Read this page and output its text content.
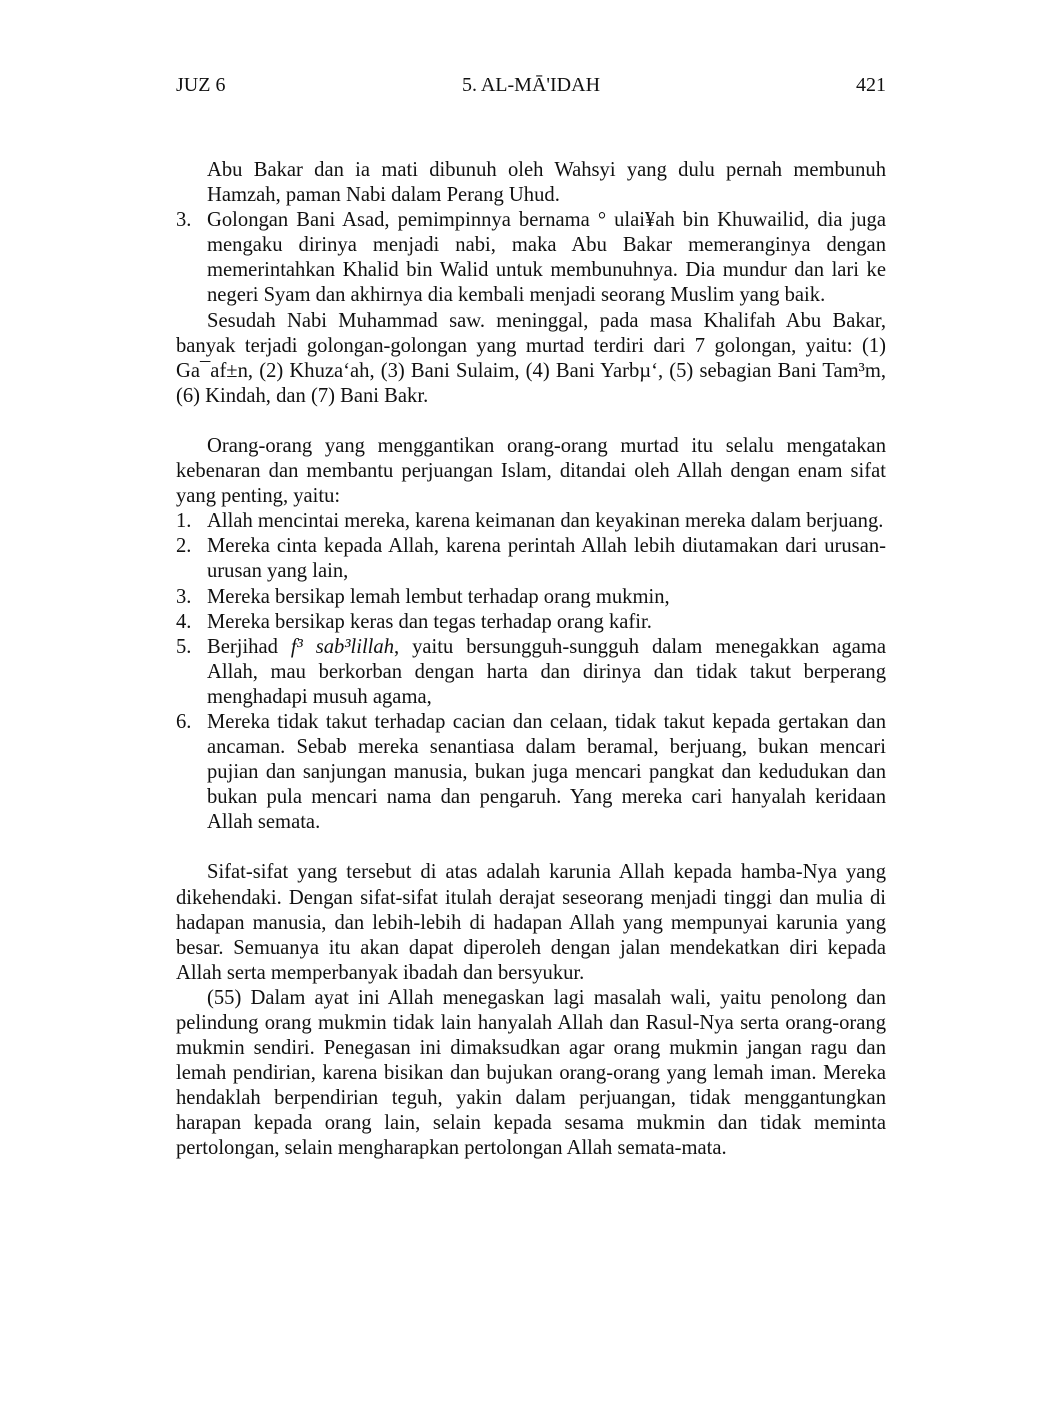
JUZ 6	5. AL-MĀ'IDAH	421

Abu Bakar dan ia mati dibunuh oleh Wahsyi yang dulu pernah membunuh Hamzah, paman Nabi dalam Perang Uhud.

3. Golongan Bani Asad, pemimpinnya bernama ° ulai¥ah bin Khuwailid, dia juga mengaku dirinya menjadi nabi, maka Abu Bakar memeranginya dengan memerintahkan Khalid bin Walid untuk membunuhnya. Dia mundur dan lari ke negeri Syam dan akhirnya dia kembali menjadi seorang Muslim yang baik.

Sesudah Nabi Muhammad saw. meninggal, pada masa Khalifah Abu Bakar, banyak terjadi golongan-golongan yang murtad terdiri dari 7 golongan, yaitu: (1) Ga¯af±n, (2) Khuza‘ah, (3) Bani Sulaim, (4) Bani Yarbµ‘, (5) sebagian Bani Tam³m, (6) Kindah, dan (7) Bani Bakr.

Orang-orang yang menggantikan orang-orang murtad itu selalu mengatakan kebenaran dan membantu perjuangan Islam, ditandai oleh Allah dengan enam sifat yang penting, yaitu:

1. Allah mencintai mereka, karena keimanan dan keyakinan mereka dalam berjuang.
2. Mereka cinta kepada Allah, karena perintah Allah lebih diutamakan dari urusan-urusan yang lain,
3. Mereka bersikap lemah lembut terhadap orang mukmin,
4. Mereka bersikap keras dan tegas terhadap orang kafir.
5. Berjihad f³ sab³lillah, yaitu bersungguh-sungguh dalam menegakkan agama Allah, mau berkorban dengan harta dan dirinya dan tidak takut berperang menghadapi musuh agama,
6. Mereka tidak takut terhadap cacian dan celaan, tidak takut kepada gertakan dan ancaman. Sebab mereka senantiasa dalam beramal, berjuang, bukan mencari pujian dan sanjungan manusia, bukan juga mencari pangkat dan kedudukan dan bukan pula mencari nama dan pengaruh. Yang mereka cari hanyalah keridaan Allah semata.

Sifat-sifat yang tersebut di atas adalah karunia Allah kepada hamba-Nya yang dikehendaki. Dengan sifat-sifat itulah derajat seseorang menjadi tinggi dan mulia di hadapan manusia, dan lebih-lebih di hadapan Allah yang mempunyai karunia yang besar. Semuanya itu akan dapat diperoleh dengan jalan mendekatkan diri kepada Allah serta memperbanyak ibadah dan bersyukur.

(55) Dalam ayat ini Allah menegaskan lagi masalah wali, yaitu penolong dan pelindung orang mukmin tidak lain hanyalah Allah dan Rasul-Nya serta orang-orang mukmin sendiri. Penegasan ini dimaksudkan agar orang mukmin jangan ragu dan lemah pendirian, karena bisikan dan bujukan orang-orang yang lemah iman. Mereka hendaklah berpendirian teguh, yakin dalam perjuangan, tidak menggantungkan harapan kepada orang lain, selain kepada sesama mukmin dan tidak meminta pertolongan, selain mengharapkan pertolongan Allah semata-mata.
